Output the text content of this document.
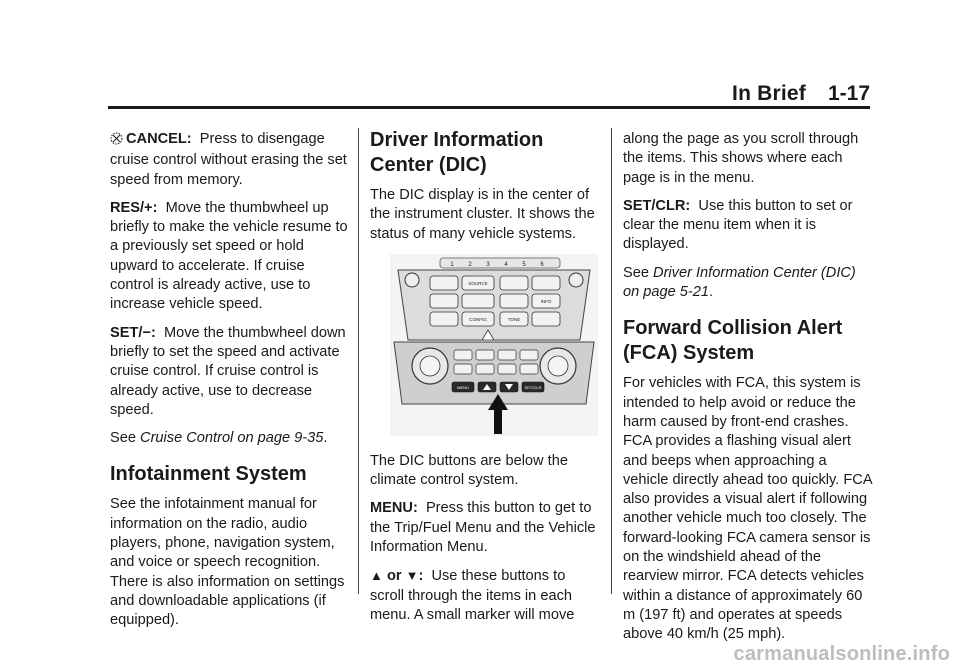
In Brief 1-17
CANCEL: Press to disengage cruise control without erasing the set speed from memory.
RES/+: Move the thumbwheel up briefly to make the vehicle resume to a previously set speed or hold upward to accelerate. If cruise control is already active, use to increase vehicle speed.
SET/−: Move the thumbwheel down briefly to set the speed and activate cruise control. If cruise control is already active, use to decrease speed.
See Cruise Control on page 9-35.
Infotainment System
See the infotainment manual for information on the radio, audio players, phone, navigation system, and voice or speech recognition. There is also information on settings and downloadable applications (if equipped).
Driver Information Center (DIC)
The DIC display is in the center of the instrument cluster. It shows the status of many vehicle systems.
1 2 3 4 5 6
SOURCE
INFO
TONE
CONFIG
MENU	SET/CLR
The DIC buttons are below the climate control system.
MENU: Press this button to get to the Trip/Fuel Menu and the Vehicle Information Menu.
▲ or ▼: Use these buttons to scroll through the items in each menu. A small marker will move
along the page as you scroll through the items. This shows where each page is in the menu.
SET/CLR: Use this button to set or clear the menu item when it is displayed.
See Driver Information Center (DIC) on page 5-21.
Forward Collision Alert (FCA) System
For vehicles with FCA, this system is intended to help avoid or reduce the harm caused by front-end crashes. FCA provides a flashing visual alert and beeps when approaching a vehicle directly ahead too quickly. FCA also provides a visual alert if following another vehicle much too closely. The forward-looking FCA camera sensor is on the windshield ahead of the rearview mirror. FCA detects vehicles within a distance of approximately 60 m (197 ft) and operates at speeds above 40 km/h (25 mph).
carmanualsonline.info
